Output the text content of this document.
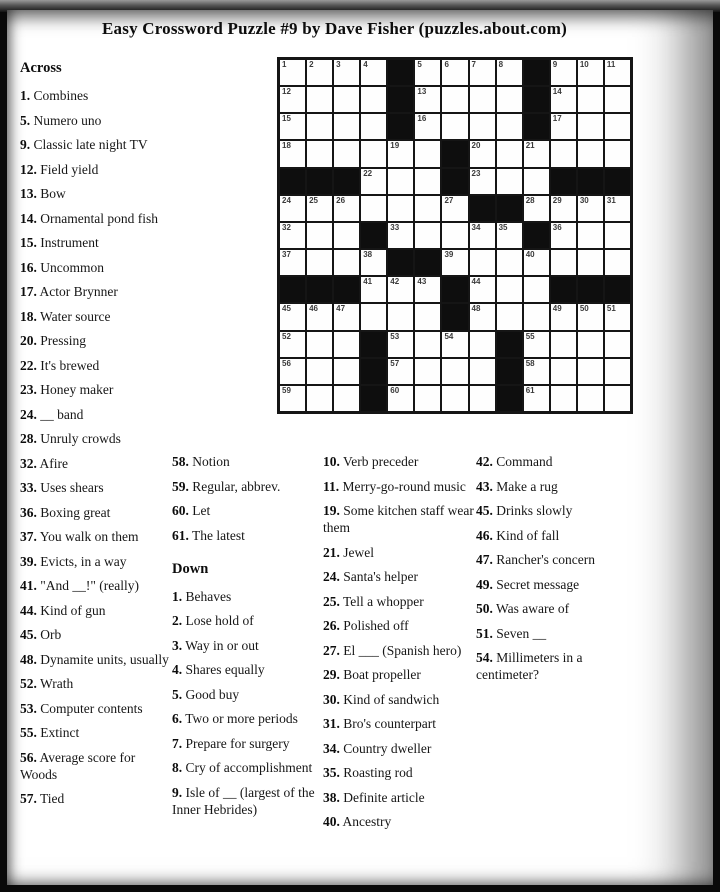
Easy Crossword Puzzle #9 by Dave Fisher (puzzles.about.com)
1	2	3	4	5	6	7	8	9	10 11
12	13	14
15	16	17
18	19	20	21
22	23
24 25 26	27	28 29 30 31
32	33	34 35	36
37	38	39	40
41 42 43	44
45 46 47	48	49 50 51
52	53	54	55
56	57	58
59	60	61
Across
1. Combines
5. Numero uno
9. Classic late night TV
12. Field yield
13. Bow
14. Ornamental pond fish
15. Instrument
16. Uncommon
17. Actor Brynner
18. Water source
20. Pressing
22. It's brewed
23. Honey maker
24. __ band
28. Unruly crowds
32. Afire
33. Uses shears
36. Boxing great
37. You walk on them
39. Evicts, in a way
41. "And __!" (really)
44. Kind of gun
45. Orb
48. Dynamite units, usually
52. Wrath
53. Computer contents
55. Extinct
56. Average score for Woods
57. Tied
58. Notion
59. Regular, abbrev.
60. Let
61. The latest
Down
1. Behaves
2. Lose hold of
3. Way in or out
4. Shares equally
5. Good buy
6. Two or more periods
7. Prepare for surgery
8. Cry of accomplishment
9. Isle of __ (largest of the Inner Hebrides)
10. Verb preceder
11. Merry-go-round music
19. Some kitchen staff wear them
21. Jewel
24. Santa's helper
25. Tell a whopper
26. Polished off
27. El ___ (Spanish hero)
29. Boat propeller
30. Kind of sandwich
31. Bro's counterpart
34. Country dweller
35. Roasting rod
38. Definite article
40. Ancestry
42. Command
43. Make a rug
45. Drinks slowly
46. Kind of fall
47. Rancher's concern
49. Secret message
50. Was aware of
51. Seven __
54. Millimeters in a centimeter?
